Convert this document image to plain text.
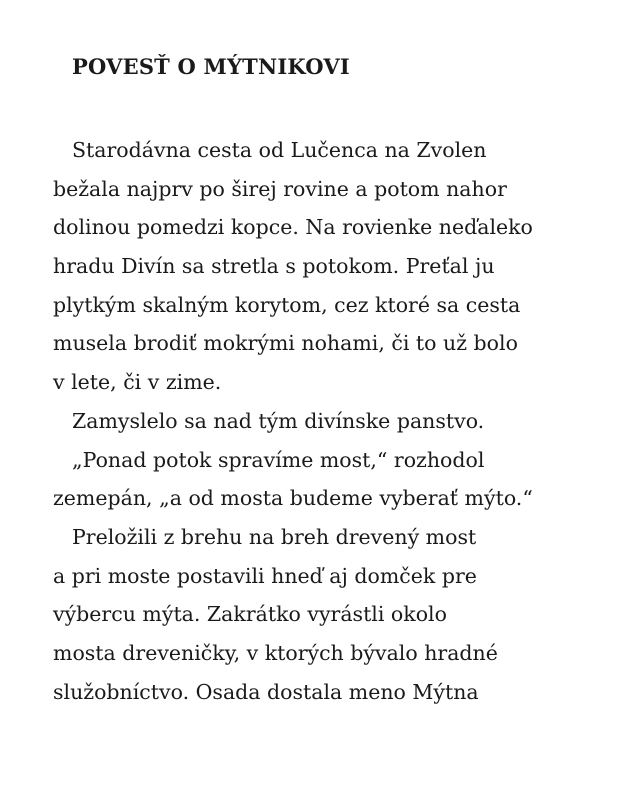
POVESŤ O MÝTNIKOVI
Starodávna cesta od Lučenca na Zvolen
bežala najprv po širej rovine a potom nahor
dolinou pomedzi kopce. Na rovienke neďaleko
hradu Divín sa stretla s potokom. Preťal ju
plytkým skalným korytom, cez ktoré sa cesta
musela brodiť mokrými nohami, či to už bolo
v lete, či v zime.
Zamyslelo sa nad tým divínske panstvo.
„Ponad potok spravíme most,“ rozhodol
zemepán, „a od mosta budeme vyberať mýto.“
Preložili z brehu na breh drevený most
a pri moste postavili hneď aj domček pre
výbercu mýta. Zakrátko vyrástli okolo
mosta dreveničky, v ktorých bývalo hradné
služobníctvo. Osada dostala meno Mýtna
